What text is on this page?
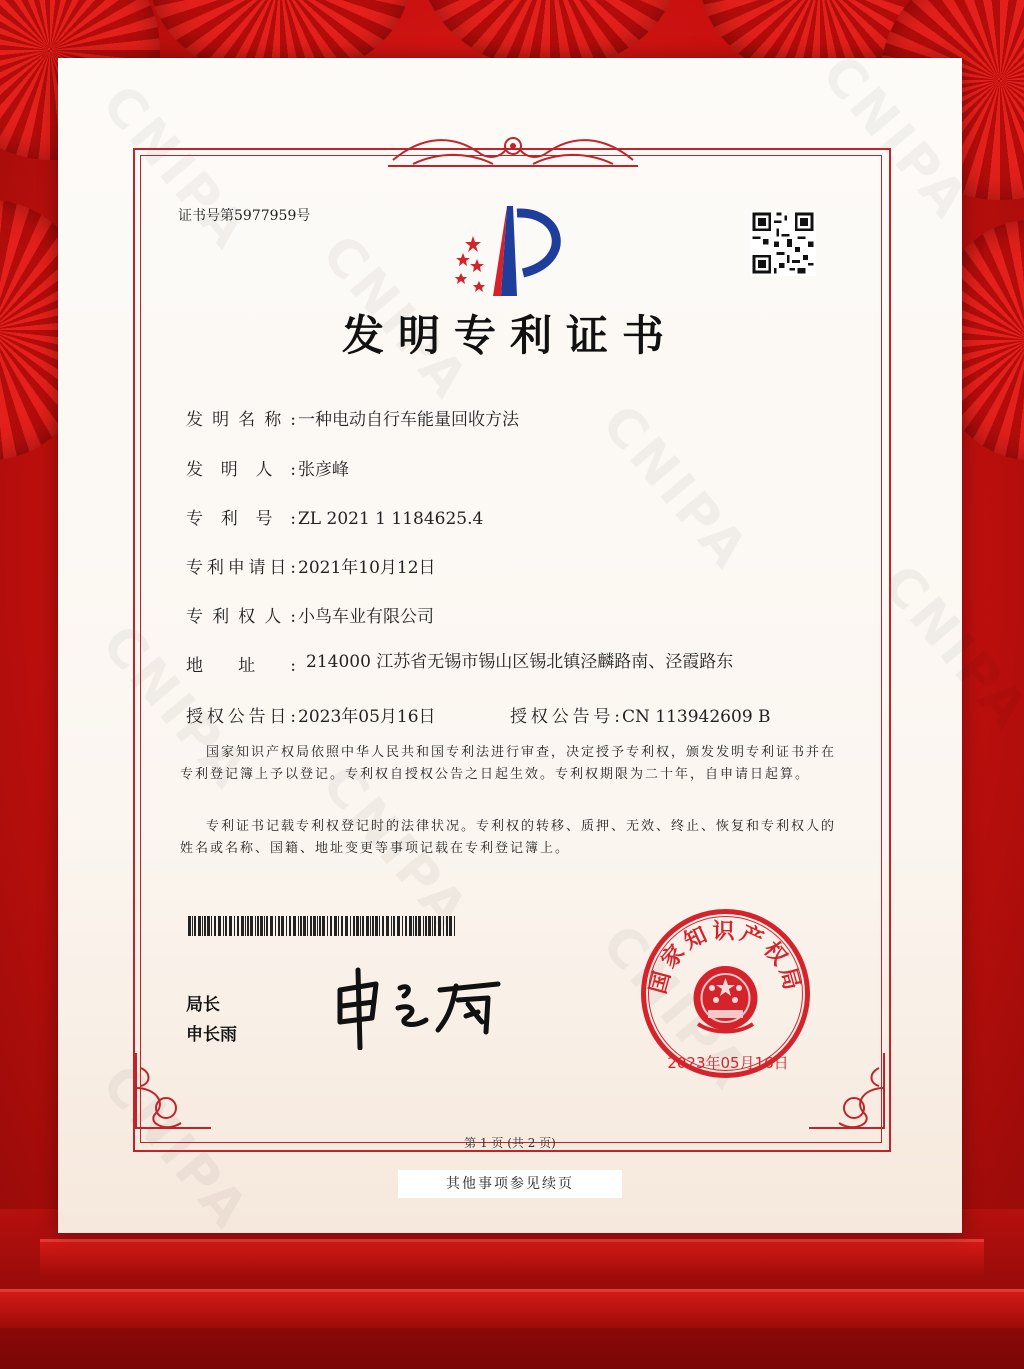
证书号第5977959号
发明专利证书
发明名称: 一种电动自行车能量回收方法
发明人: 张彦峰
专利号: ZL 2021 1 1184625.4
专利申请日: 2021年10月12日
专利权人: 小鸟车业有限公司
地址: 214000 江苏省无锡市锡山区锡北镇泾麟路南、泾霞路东
授权公告日: 2023年05月16日	授权公告号: CN 113942609 B
国家知识产权局依照中华人民共和国专利法进行审查，决定授予专利权，颁发发明专利证书并在专利登记簿上予以登记。专利权自授权公告之日起生效。专利权期限为二十年，自申请日起算。
专利证书记载专利权登记时的法律状况。专利权的转移、质押、无效、终止、恢复和专利权人的姓名或名称、国籍、地址变更等事项记载在专利登记簿上。
局长
申长雨
国家知识产权局
2023年05月16日
第 1 页 (共 2 页)
其他事项参见续页
